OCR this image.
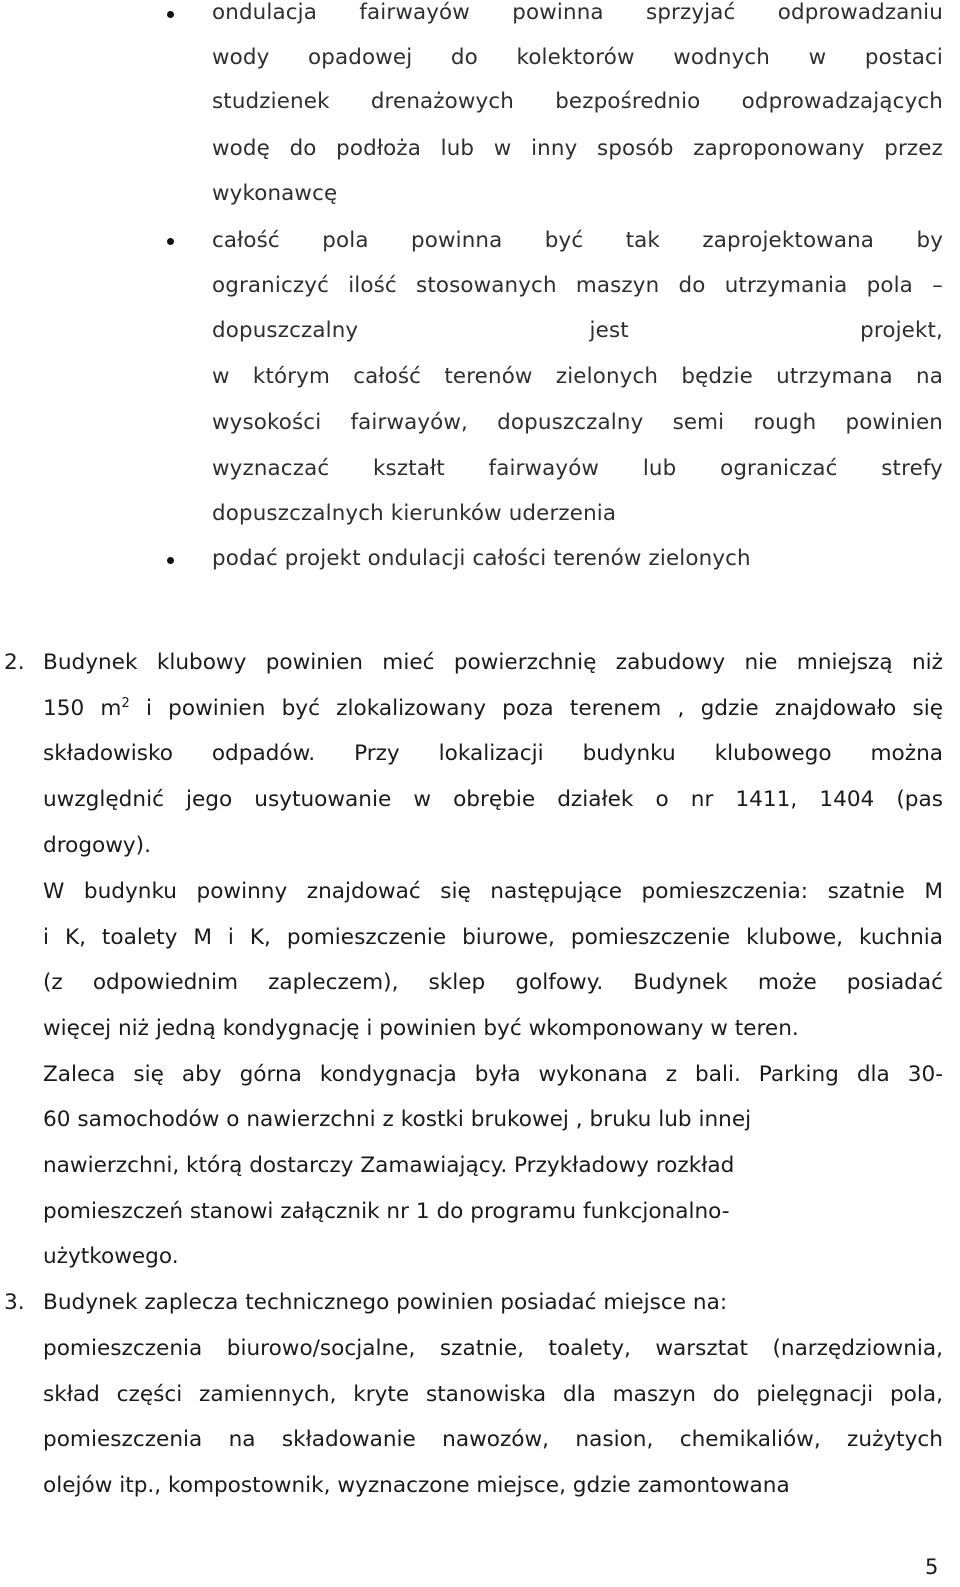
ondulacja fairwayów powinna sprzyjać odprowadzaniu

wody opadowej do kolektorów wodnych w postaci

studzienek drenażowych bezpośrednio odprowadzających

wodę do podłoża lub w inny sposób zaproponowany przez

wykonawcę

całość pola powinna być tak zaprojektowana by

ograniczyć ilość stosowanych maszyn do utrzymania pola –

dopuszczalny jest projekt,

w którym całość terenów zielonych będzie utrzymana na

wysokości fairwayów, dopuszczalny semi rough powinien

wyznaczać kształt fairwayów lub ograniczać strefy

dopuszczalnych kierunków uderzenia

podać projekt ondulacji całości terenów zielonych

2. Budynek klubowy powinien mieć powierzchnię zabudowy nie mniejszą niż

150 $m^2$ i powinien być zlokalizowany poza terenem , gdzie znajdowało się

składowisko odpadów. Przy lokalizacji budynku klubowego można

uwzględnić jego usytuowanie w obrębie działek o nr 1411, 1404 (pas

drogowy).

W budynku powinny znajdować się następujące pomieszczenia: szatnie M

i K, toalety M i K, pomieszczenie biurowe, pomieszczenie klubowe, kuchnia

(z odpowiednim zapleczem), sklep golfowy. Budynek może posiadać

więcej niż jedną kondygnację i powinien być wkomponowany w teren.

Zaleca się aby górna kondygnacja była wykonana z bali. Parking dla 30-

60 samochodów o nawierzchni z kostki brukowej , bruku lub innej

nawierzchni, którą dostarczy Zamawiający. Przykładowy rozkład

pomieszczeń stanowi załącznik nr 1 do programu funkcjonalno-

użytkowego.

3. Budynek zaplecza technicznego powinien posiadać miejsce na:

pomieszczenia biurowo/socjalne, szatnie, toalety, warsztat (narzędziownia,

skład części zamiennych, kryte stanowiska dla maszyn do pielęgnacji pola,

pomieszczenia na składowanie nawozów, nasion, chemikaliów, zużytych

olejów itp., kompostownik, wyznaczone miejsce, gdzie zamontowana

5
